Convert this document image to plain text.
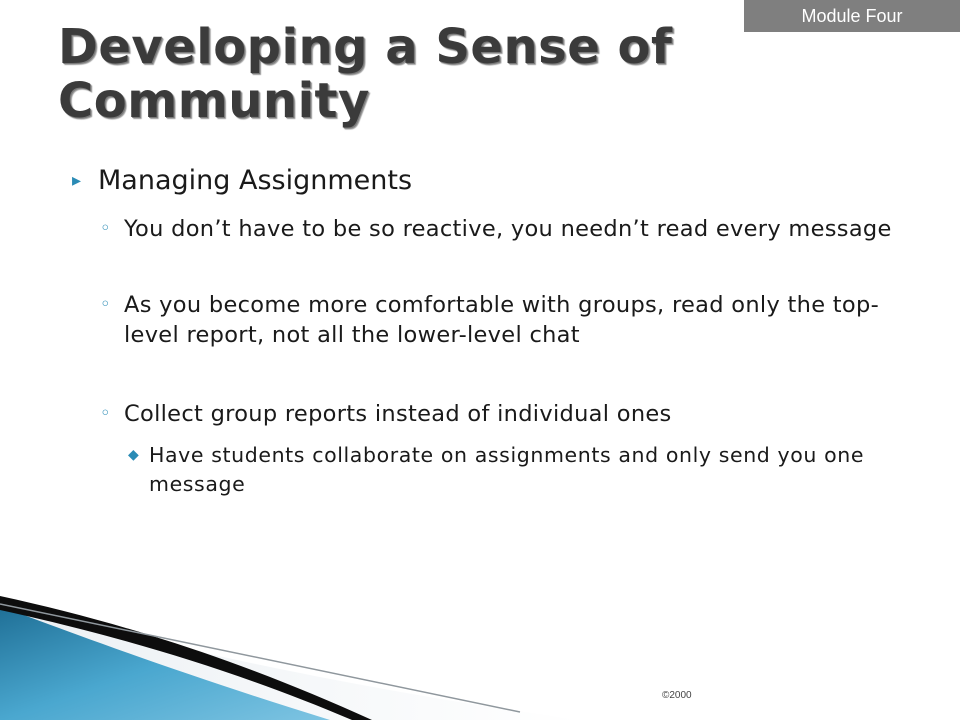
Module Four
Developing a Sense of Community
▸ Managing Assignments
◦ You don’t have to be so reactive, you needn’t read every message
◦ As you become more comfortable with groups, read only the top-level report, not all the lower-level chat
◦ Collect group reports instead of individual ones
◆ Have students collaborate on assignments and only send you one message
©2000
